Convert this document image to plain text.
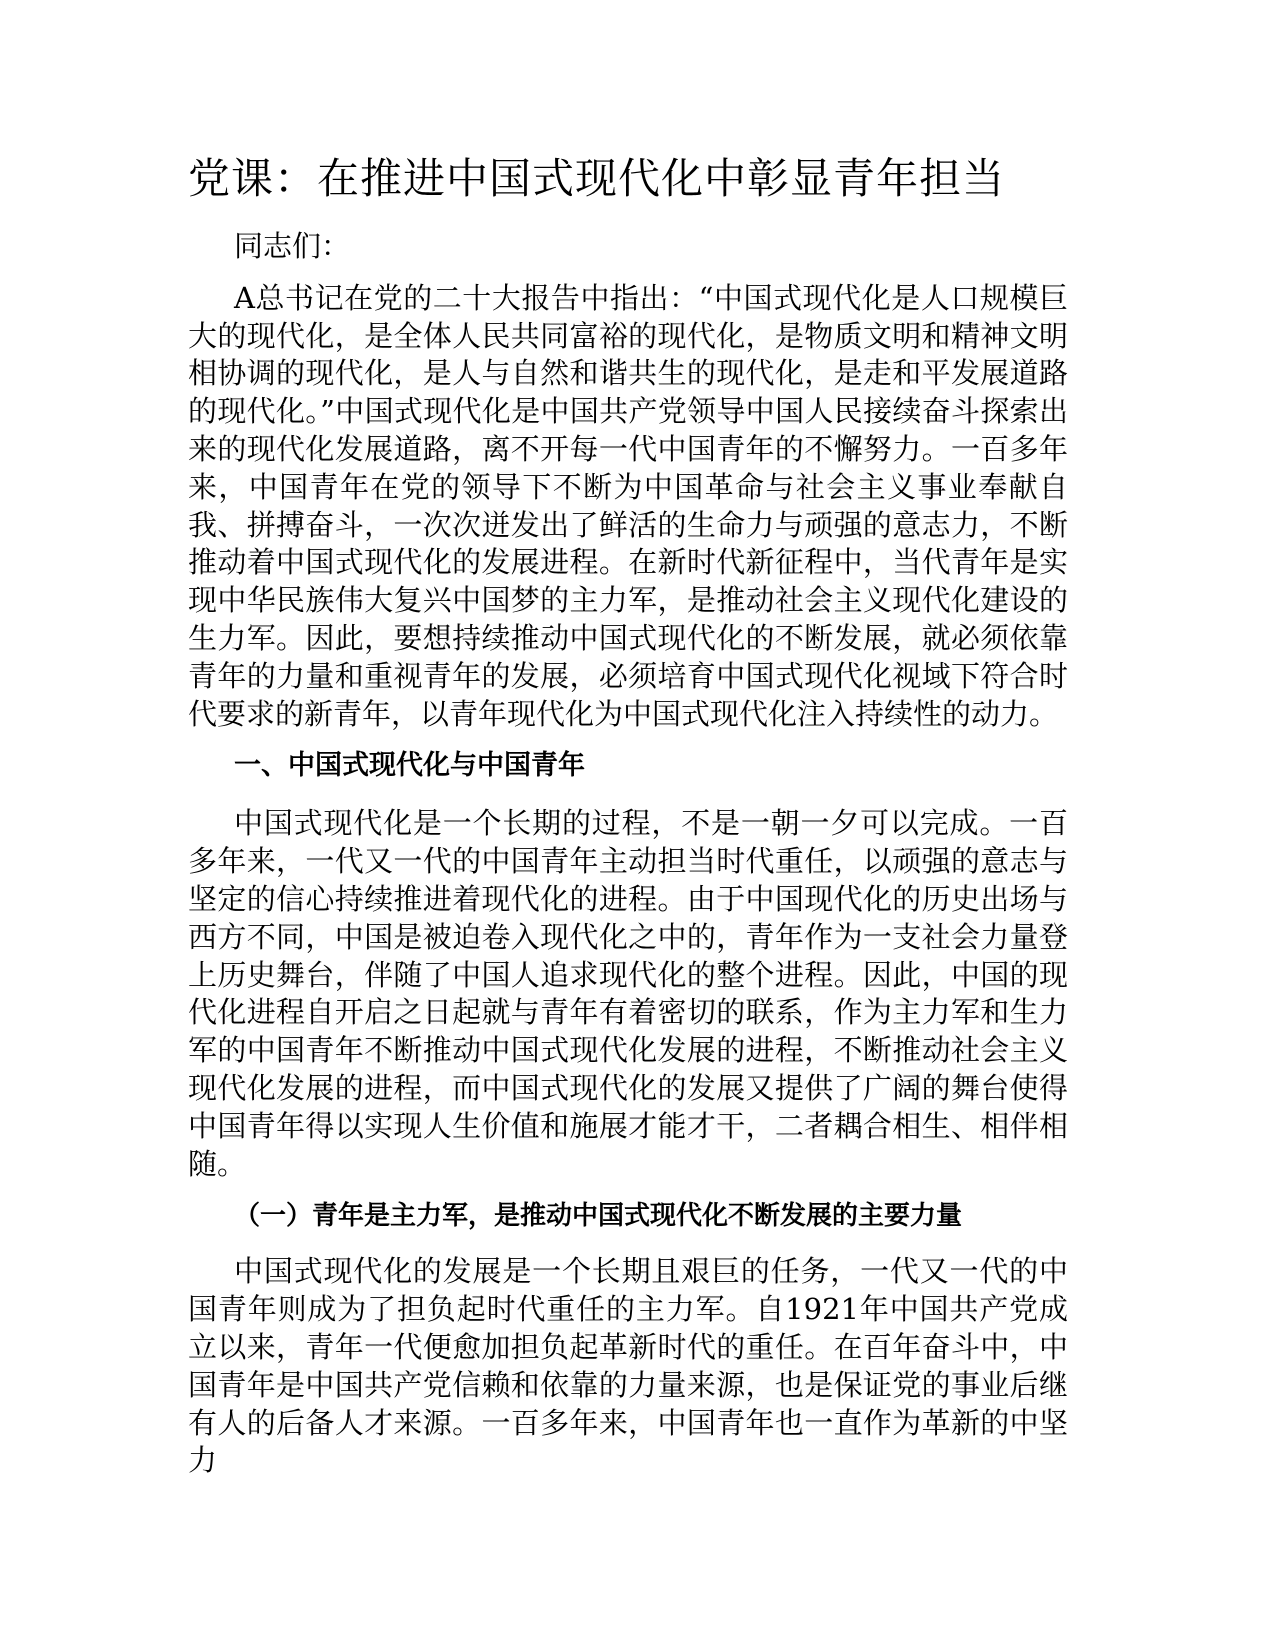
党课：在推进中国式现代化中彰显青年担当

同志们：

A总书记在党的二十大报告中指出：“中国式现代化是人口规模巨大的现代化，是全体人民共同富裕的现代化，是物质文明和精神文明相协调的现代化，是人与自然和谐共生的现代化，是走和平发展道路的现代化。”中国式现代化是中国共产党领导中国人民接续奋斗探索出来的现代化发展道路，离不开每一代中国青年的不懈努力。一百多年来，中国青年在党的领导下不断为中国革命与社会主义事业奉献自我、拼搏奋斗，一次次迸发出了鲜活的生命力与顽强的意志力，不断推动着中国式现代化的发展进程。在新时代新征程中，当代青年是实现中华民族伟大复兴中国梦的主力军，是推动社会主义现代化建设的生力军。因此，要想持续推动中国式现代化的不断发展，就必须依靠青年的力量和重视青年的发展，必须培育中国式现代化视域下符合时代要求的新青年，以青年现代化为中国式现代化注入持续性的动力。

一、中国式现代化与中国青年

中国式现代化是一个长期的过程，不是一朝一夕可以完成。一百多年来，一代又一代的中国青年主动担当时代重任，以顽强的意志与坚定的信心持续推进着现代化的进程。由于中国现代化的历史出场与西方不同，中国是被迫卷入现代化之中的，青年作为一支社会力量登上历史舞台，伴随了中国人追求现代化的整个进程。因此，中国的现代化进程自开启之日起就与青年有着密切的联系，作为主力军和生力军的中国青年不断推动中国式现代化发展的进程，不断推动社会主义现代化发展的进程，而中国式现代化的发展又提供了广阔的舞台使得中国青年得以实现人生价值和施展才能才干，二者耦合相生、相伴相随。

（一）青年是主力军，是推动中国式现代化不断发展的主要力量

中国式现代化的发展是一个长期且艰巨的任务，一代又一代的中国青年则成为了担负起时代重任的主力军。自1921年中国共产党成立以来，青年一代便愈加担负起革新时代的重任。在百年奋斗中，中国青年是中国共产党信赖和依靠的力量来源，也是保证党的事业后继有人的后备人才来源。一百多年来，中国青年也一直作为革新的中坚力
